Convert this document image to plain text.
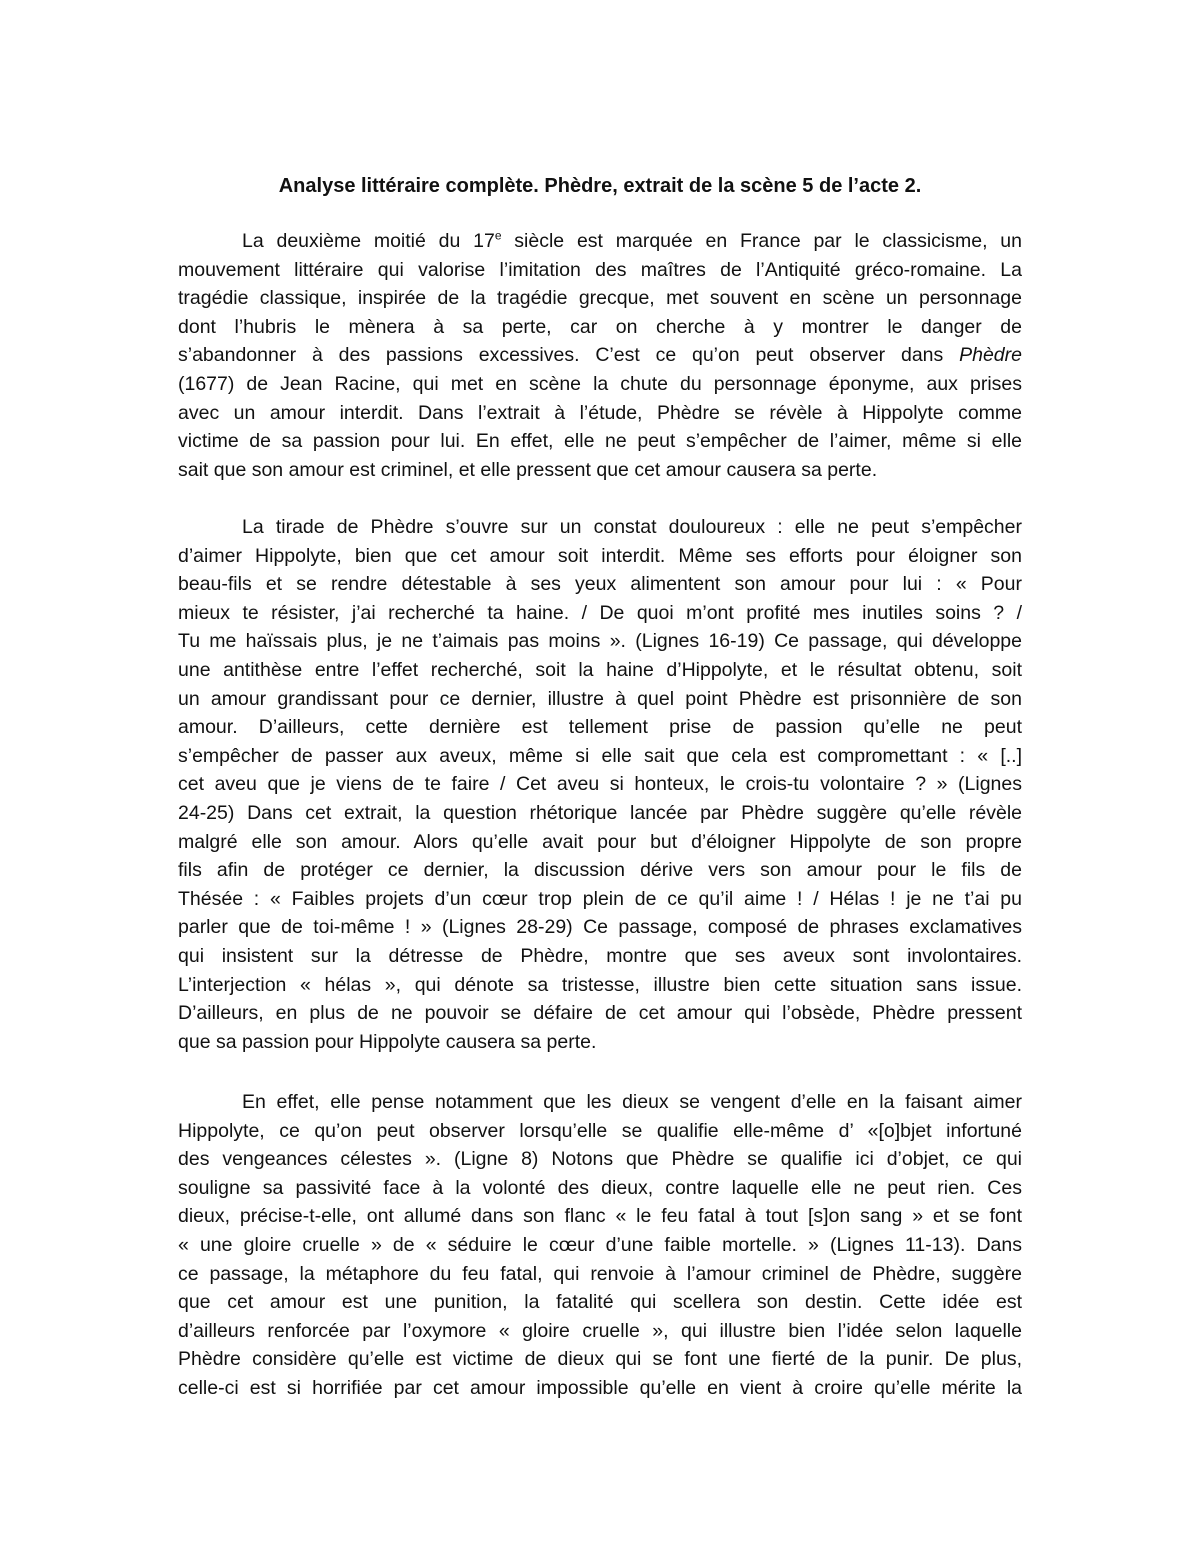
Analyse littéraire complète. Phèdre, extrait de la scène 5 de l’acte 2.
La deuxième moitié du 17e siècle est marquée en France par le classicisme, un
mouvement littéraire qui valorise l’imitation des maîtres de l’Antiquité gréco-romaine. La
tragédie classique, inspirée de la tragédie grecque, met souvent en scène un personnage
dont l’hubris le mènera à sa perte, car on cherche à y montrer le danger de
s’abandonner à des passions excessives. C’est ce qu’on peut observer dans Phèdre
(1677) de Jean Racine, qui met en scène la chute du personnage éponyme, aux prises
avec un amour interdit. Dans l’extrait à l’étude, Phèdre se révèle à Hippolyte comme
victime de sa passion pour lui. En effet, elle ne peut s’empêcher de l’aimer, même si elle
sait que son amour est criminel, et elle pressent que cet amour causera sa perte.
La tirade de Phèdre s’ouvre sur un constat douloureux : elle ne peut s’empêcher
d’aimer Hippolyte, bien que cet amour soit interdit. Même ses efforts pour éloigner son
beau-fils et se rendre détestable à ses yeux alimentent son amour pour lui : « Pour
mieux te résister, j’ai recherché ta haine. / De quoi m’ont profité mes inutiles soins ? /
Tu me haïssais plus, je ne t’aimais pas moins ». (Lignes 16-19) Ce passage, qui développe
une antithèse entre l’effet recherché, soit la haine d’Hippolyte, et le résultat obtenu, soit
un amour grandissant pour ce dernier, illustre à quel point Phèdre est prisonnière de son
amour. D’ailleurs, cette dernière est tellement prise de passion qu’elle ne peut
s’empêcher de passer aux aveux, même si elle sait que cela est compromettant : « [..]
cet aveu que je viens de te faire / Cet aveu si honteux, le crois-tu volontaire ? » (Lignes
24-25) Dans cet extrait, la question rhétorique lancée par Phèdre suggère qu’elle révèle
malgré elle son amour. Alors qu’elle avait pour but d’éloigner Hippolyte de son propre
fils afin de protéger ce dernier, la discussion dérive vers son amour pour le fils de
Thésée : « Faibles projets d’un cœur trop plein de ce qu’il aime ! / Hélas ! je ne t’ai pu
parler que de toi-même ! » (Lignes 28-29) Ce passage, composé de phrases exclamatives
qui insistent sur la détresse de Phèdre, montre que ses aveux sont involontaires.
L’interjection « hélas », qui dénote sa tristesse, illustre bien cette situation sans issue.
D’ailleurs, en plus de ne pouvoir se défaire de cet amour qui l’obsède, Phèdre pressent
que sa passion pour Hippolyte causera sa perte.
En effet, elle pense notamment que les dieux se vengent d’elle en la faisant aimer
Hippolyte, ce qu’on peut observer lorsqu’elle se qualifie elle-même d’ «[o]bjet infortuné
des vengeances célestes ». (Ligne 8) Notons que Phèdre se qualifie ici d’objet, ce qui
souligne sa passivité face à la volonté des dieux, contre laquelle elle ne peut rien. Ces
dieux, précise-t-elle, ont allumé dans son flanc « le feu fatal à tout [s]on sang » et se font
« une gloire cruelle » de « séduire le cœur d’une faible mortelle. » (Lignes 11-13). Dans
ce passage, la métaphore du feu fatal, qui renvoie à l’amour criminel de Phèdre, suggère
que cet amour est une punition, la fatalité qui scellera son destin. Cette idée est
d’ailleurs renforcée par l’oxymore « gloire cruelle », qui illustre bien l’idée selon laquelle
Phèdre considère qu’elle est victime de dieux qui se font une fierté de la punir. De plus,
celle-ci est si horrifiée par cet amour impossible qu’elle en vient à croire qu’elle mérite la
